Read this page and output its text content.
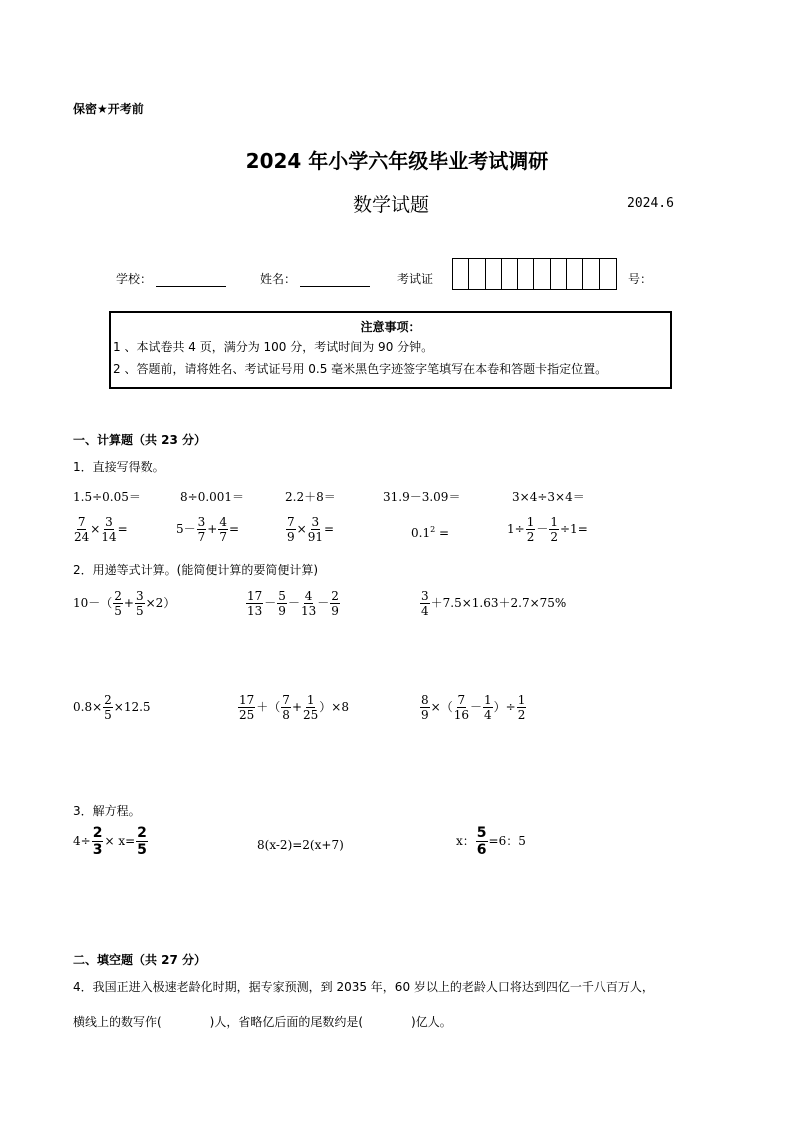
保密★开考前
2024 年小学六年级毕业考试调研
数学试题	2024.6
学校：	姓名：	考试证	号：
注意事项：
1 、本试卷共 4 页，满分为 100 分，考试时间为 90 分钟。
2 、答题前，请将姓名、考试证号用 0.5 毫米黑色字迹签字笔填写在本卷和答题卡指定位置。
一、计算题（共 23 分）
1．直接写得数。
1.5÷0.05＝	8÷0.001＝	2.2＋8＝	31.9－3.09＝	3×4÷3×4＝
$\frac{7}{24} \times \frac{3}{14}$ =	$5- \frac{3}{7} + \frac{4}{7}$ =	$\frac{7}{9} \times \frac{3}{91}$ =	$0.1^2$ =	$1\div \frac{1}{2} - \frac{1}{2} \div 1=$
2．用递等式计算。(能简便计算的要简便计算)
$10-( \frac{2}{5} + \frac{3}{5} \times 2)$	$\frac{17}{13} - \frac{5}{9} - \frac{4}{13} - \frac{2}{9}$	$\frac{3}{4} +7.5\times 1.63+2.7\times 75\%$
$0.8\times \frac{2}{5} \times 12.5$	$\frac{17}{25}$ ＋（ $\frac{7}{8} + \frac{1}{25} )\times 8$	$\frac{8}{9}$ ×（ $\frac{7}{16} - \frac{1}{4}$ ）÷ $\frac{1}{2}$
3．解方程。
$4\div \frac{2}{3} \times x= \frac{2}{5}$	8(x-2)=2(x+7)	x： $\frac{5}{6} =6$：5
二、填空题（共 27 分）
4．我国正进入极速老龄化时期，据专家预测，到 2035 年，60 岁以上的老龄人口将达到四亿一千八百万人，
横线上的数写作(　　　　)人，省略亿后面的尾数约是(　　　　)亿人。
